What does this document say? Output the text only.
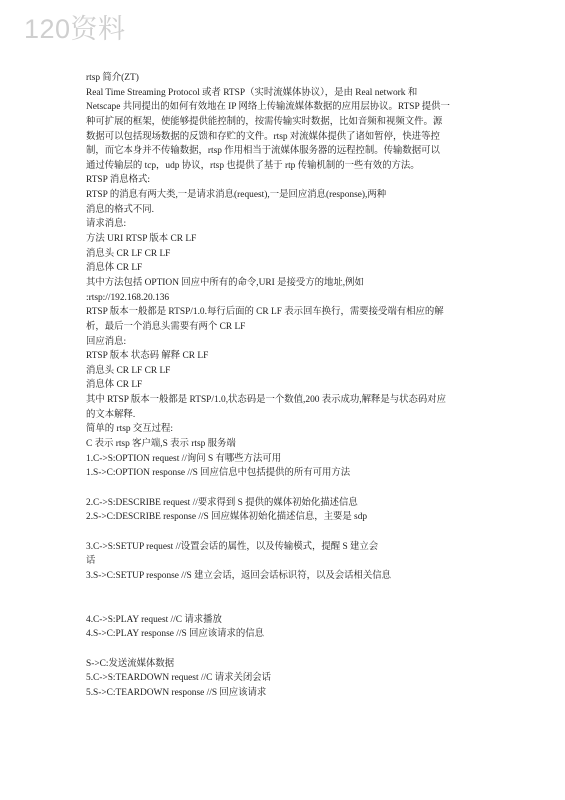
120资料
rtsp 简介(ZT)
Real Time Streaming Protocol 或者 RTSP（实时流媒体协议），是由 Real network 和
Netscape 共同提出的如何有效地在 IP 网络上传输流媒体数据的应用层协议。RTSP 提供一
种可扩展的框架，使能够提供能控制的，按需传输实时数据，比如音频和视频文件。源
数据可以包括现场数据的反馈和存贮的文件。rtsp 对流媒体提供了诸如暂停，快进等控
制，而它本身并不传输数据，rtsp 作用相当于流媒体服务器的远程控制。传输数据可以
通过传输层的 tcp，udp 协议，rtsp 也提供了基于 rtp 传输机制的一些有效的方法。
RTSP 消息格式:
RTSP 的消息有两大类,一是请求消息(request),一是回应消息(response),两种
消息的格式不同.
请求消息:
方法 URI RTSP 版本 CR LF
消息头 CR LF CR LF
消息体 CR LF
其中方法包括 OPTION 回应中所有的命令,URI 是接受方的地址,例如
:rtsp://192.168.20.136
RTSP 版本一般都是 RTSP/1.0.每行后面的 CR LF 表示回车换行，需要接受端有相应的解
析，最后一个消息头需要有两个 CR LF
回应消息:
RTSP 版本 状态码 解释 CR LF
消息头 CR LF CR LF
消息体 CR LF
其中 RTSP 版本一般都是 RTSP/1.0,状态码是一个数值,200 表示成功,解释是与状态码对应
的文本解释.
简单的 rtsp 交互过程:
C 表示 rtsp 客户端,S 表示 rtsp 服务端
1.C->S:OPTION request //询问 S 有哪些方法可用
1.S->C:OPTION response //S 回应信息中包括提供的所有可用方法
2.C->S:DESCRIBE request //要求得到 S 提供的媒体初始化描述信息
2.S->C:DESCRIBE response //S 回应媒体初始化描述信息，主要是 sdp
3.C->S:SETUP request //设置会话的属性，以及传输模式，提醒 S 建立会
话
3.S->C:SETUP response //S 建立会话，返回会话标识符，以及会话相关信息
4.C->S:PLAY request //C 请求播放
4.S->C:PLAY response //S 回应该请求的信息
S->C:发送流媒体数据
5.C->S:TEARDOWN request //C 请求关闭会话
5.S->C:TEARDOWN response //S 回应该请求
